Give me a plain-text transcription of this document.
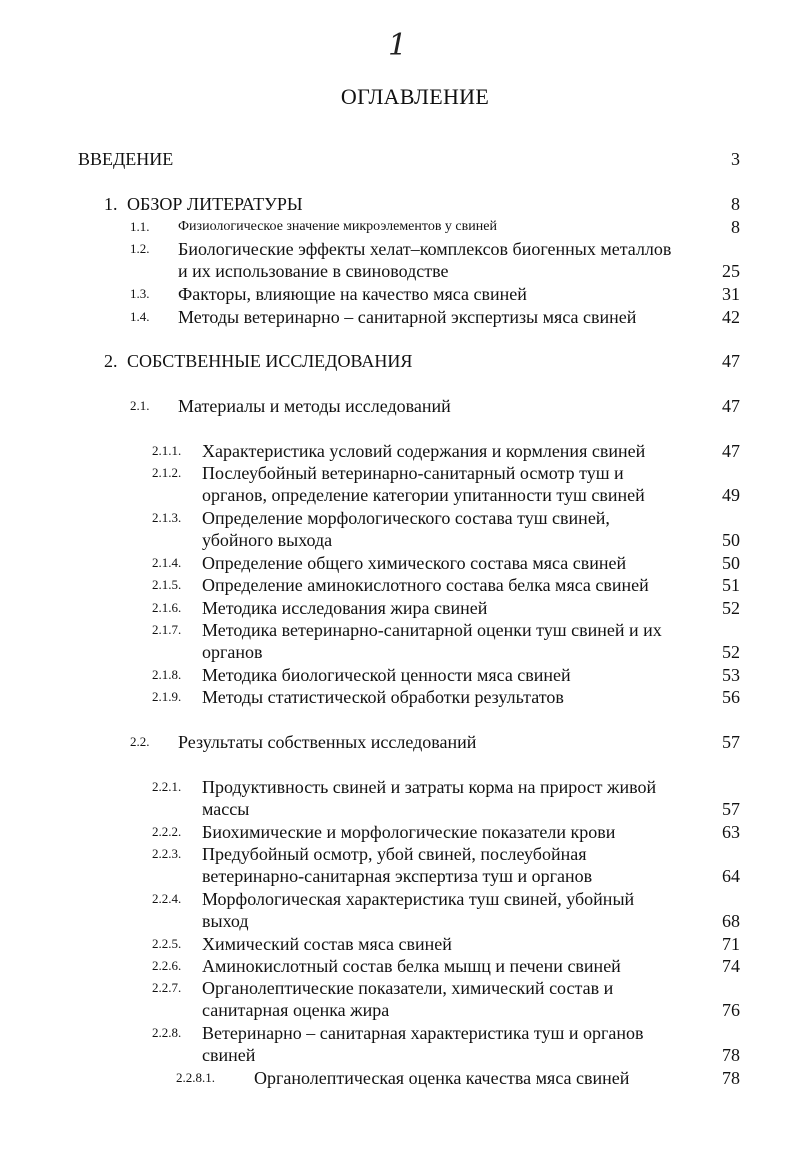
1
ОГЛАВЛЕНИЕ
ВВЕДЕНИЕ	3
1. ОБЗОР ЛИТЕРАТУРЫ	8
1.1. Физиологическое значение микроэлементов у свиней	8
1.2. Биологические эффекты хелат–комплексов биогенных металлов
и их использование в свиноводстве	25
1.3. Факторы, влияющие на качество мяса свиней	31
1.4. Методы ветеринарно – санитарной экспертизы мяса свиней	42
2. СОБСТВЕННЫЕ ИССЛЕДОВАНИЯ	47
2.1. Материалы и методы исследований	47
2.1.1. Характеристика условий содержания и кормления свиней	47
2.1.2. Послеубойный ветеринарно-санитарный осмотр туш и
органов, определение категории упитанности туш свиней	49
2.1.3. Определение морфологического состава туш свиней,
убойного выхода	50
2.1.4. Определение общего химического состава мяса свиней	50
2.1.5. Определение аминокислотного состава белка мяса свиней	51
2.1.6. Методика исследования жира свиней	52
2.1.7. Методика ветеринарно-санитарной оценки туш свиней и их
органов	52
2.1.8. Методика биологической ценности мяса свиней	53
2.1.9. Методы статистической обработки результатов	56
2.2. Результаты собственных исследований	57
2.2.1. Продуктивность свиней и затраты корма на прирост живой
массы	57
2.2.2. Биохимические и морфологические показатели крови	63
2.2.3. Предубойный осмотр, убой свиней, послеубойная
ветеринарно-санитарная экспертиза туш и органов	64
2.2.4. Морфологическая характеристика туш свиней, убойный
выход	68
2.2.5. Химический состав мяса свиней	71
2.2.6. Аминокислотный состав белка мышц и печени свиней	74
2.2.7. Органолептические показатели, химический состав и
санитарная оценка жира	76
2.2.8. Ветеринарно – санитарная характеристика туш и органов
свиней	78
2.2.8.1. Органолептическая оценка качества мяса свиней	78
